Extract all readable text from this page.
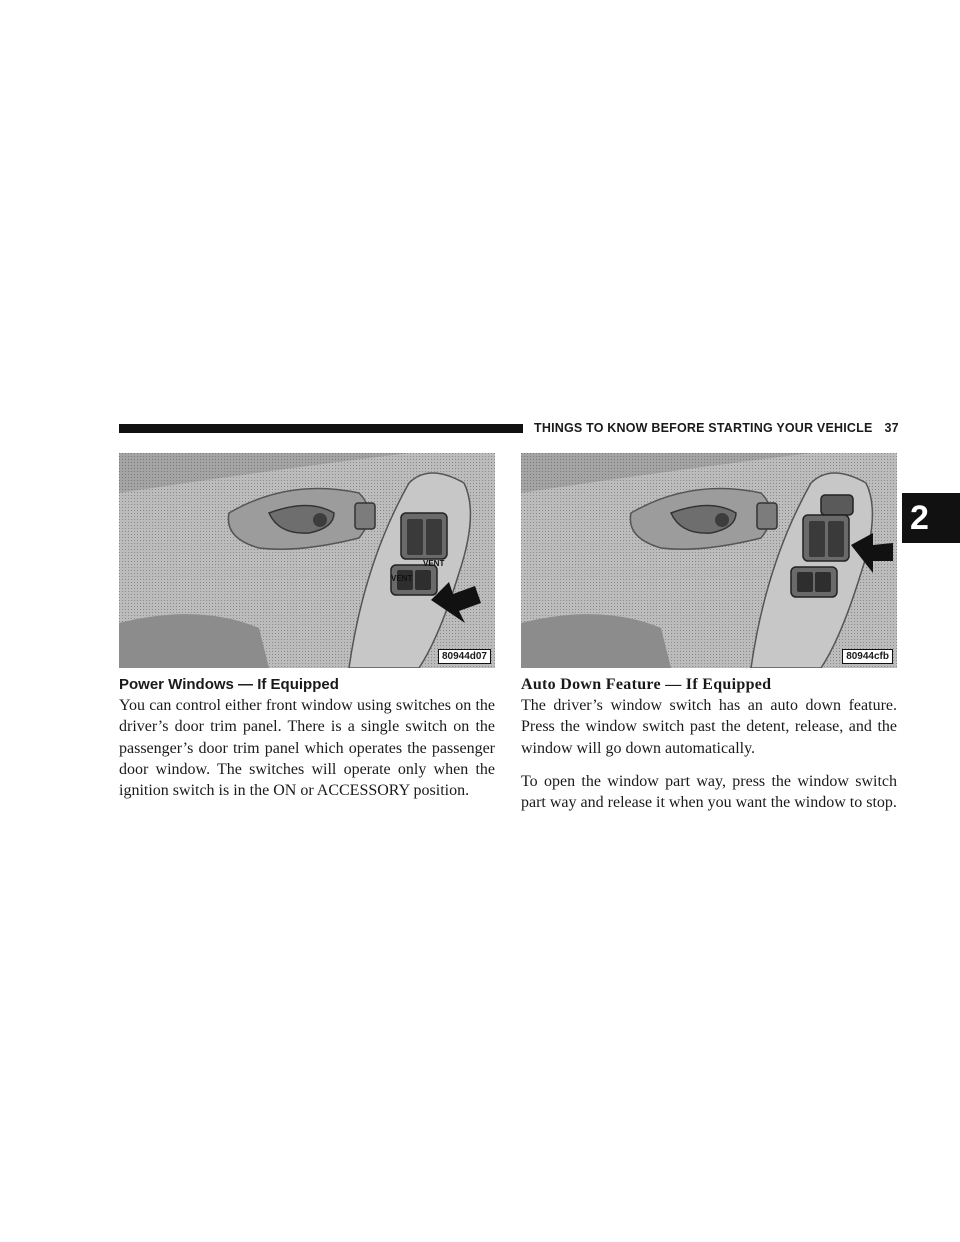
THINGS TO KNOW BEFORE STARTING YOUR VEHICLE 37
2
VENT
VENT
80944d07	80944cfb
Power Windows — If Equipped

You can control either front window using switches on the driver’s door trim panel. There is a single switch on the passenger’s door trim panel which operates the passenger door window. The switches will operate only when the ignition switch is in the ON or ACCESSORY position.

Auto Down Feature — If Equipped

The driver’s window switch has an auto down feature. Press the window switch past the detent, release, and the window will go down automatically.

To open the window part way, press the window switch part way and release it when you want the window to stop.
